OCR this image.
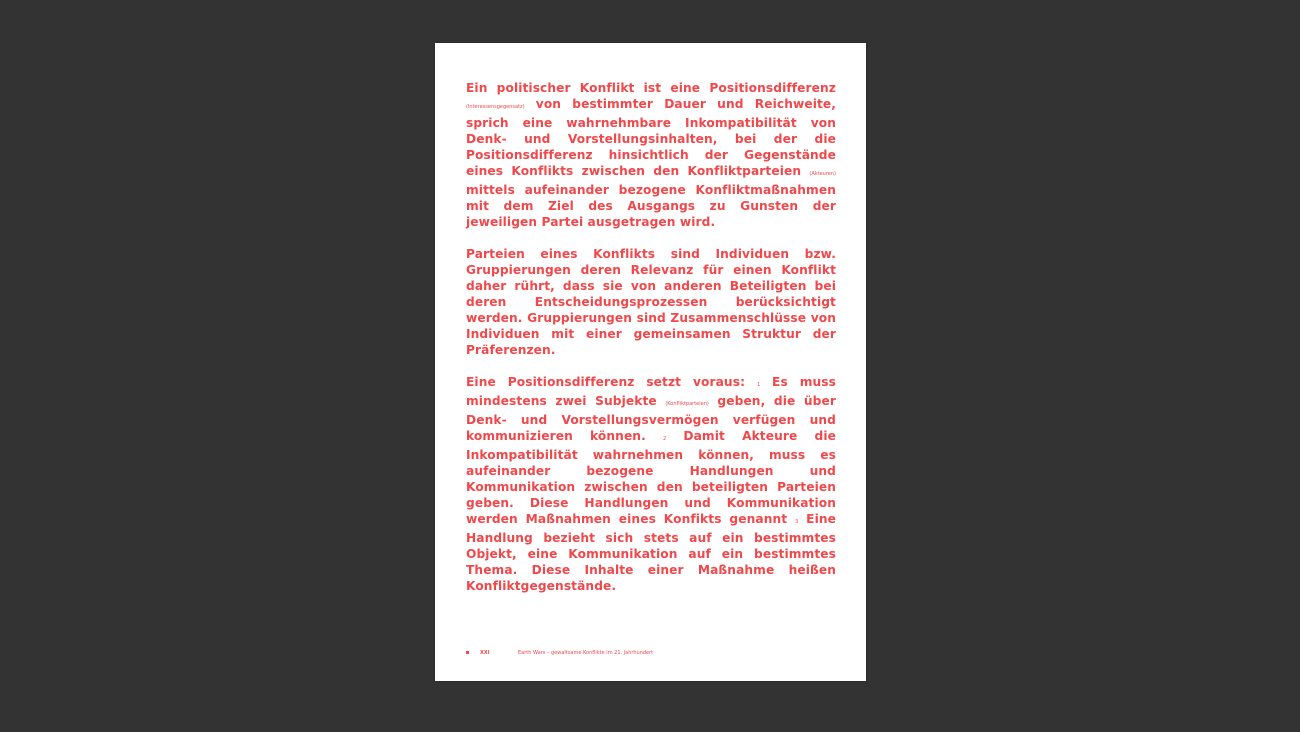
Ein politischer Konflikt ist eine Positionsdifferenz (Interessensgegensatz) von bestimmter Dauer und Reichweite, sprich eine wahrnehmbare Inkompatibilität von Denk- und Vorstellungsinhalten, bei der die Positionsdifferenz hinsichtlich der Gegenstände eines Konflikts zwischen den Konfliktparteien (Akteuren) mittels aufeinander bezogene Konfliktmaßnahmen mit dem Ziel des Ausgangs zu Gunsten der jeweiligen Partei ausgetragen wird.

Parteien eines Konflikts sind Individuen bzw. Gruppierungen deren Relevanz für einen Konflikt daher rührt, dass sie von anderen Beteiligten bei deren Entscheidungsprozessen berücksichtigt werden. Gruppierungen sind Zusammenschlüsse von Individuen mit einer gemeinsamen Struktur der Präferenzen.

Eine Positionsdifferenz setzt voraus: 1 Es muss mindestens zwei Subjekte (Konfliktparteien) geben, die über Denk- und Vorstellungsvermögen verfügen und kommunizieren können. 2 Damit Akteure die Inkompatibilität wahrnehmen können, muss es aufeinander bezogene Handlungen und Kommunikation zwischen den beteiligten Parteien geben. Diese Handlungen und Kommunikation werden Maßnahmen eines Konfikts genannt 3 Eine Handlung bezieht sich stets auf ein bestimmtes Objekt, eine Kommunikation auf ein bestimmtes Thema. Diese Inhalte einer Maßnahme heißen Konfliktgegenstände.

XXI	Earth Wars – gewaltsame Konflikte im 21. Jahrhundert
